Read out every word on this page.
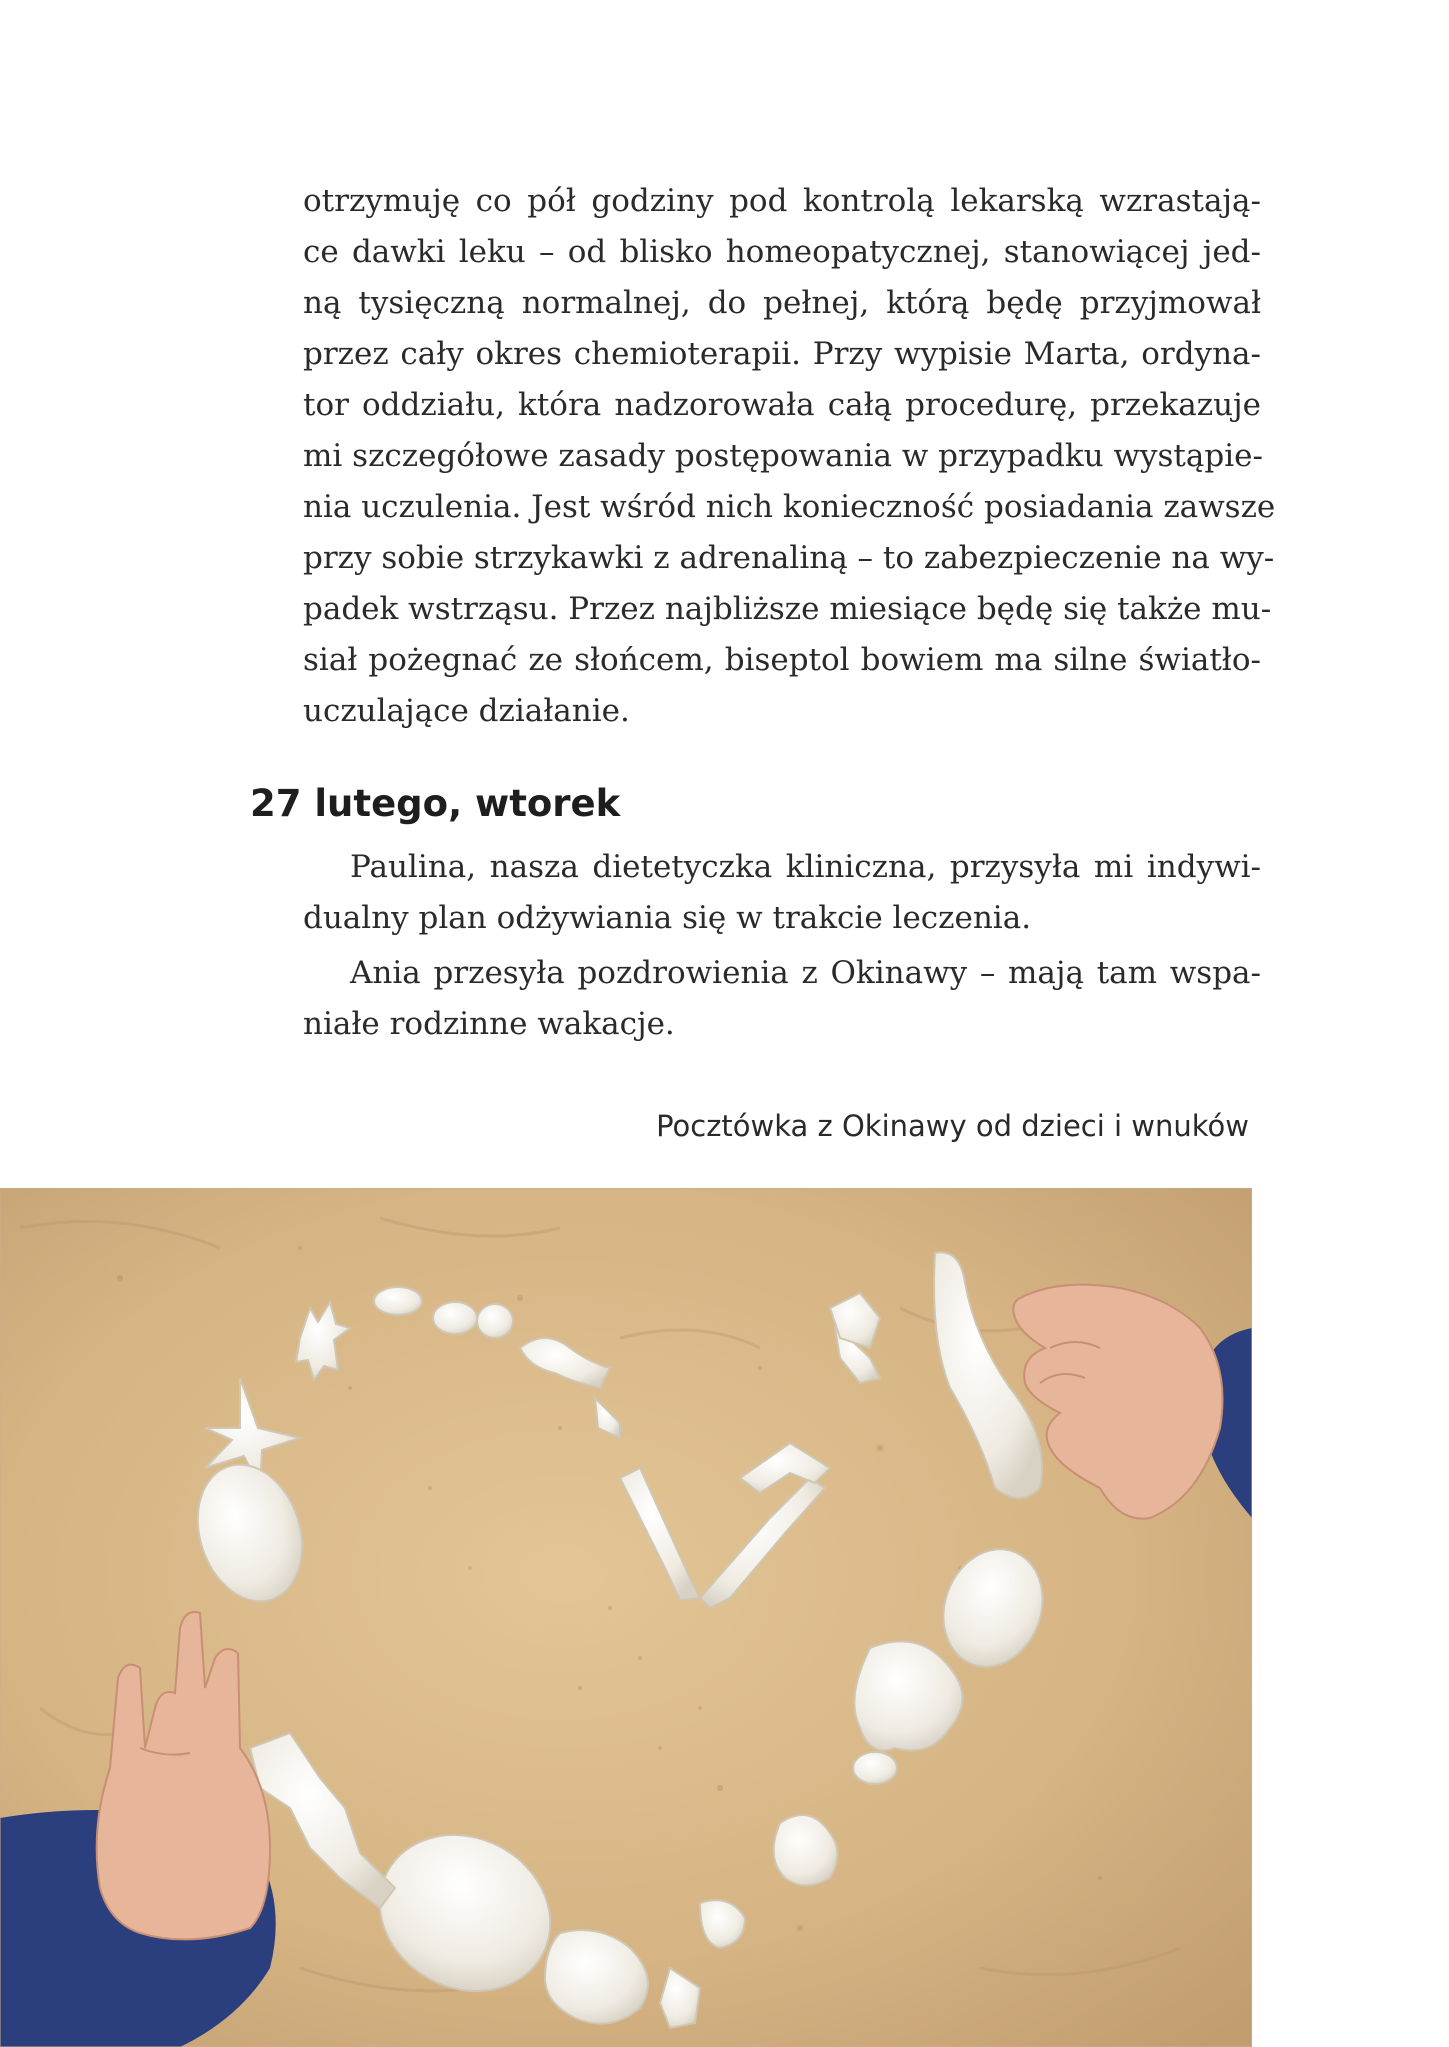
otrzymuję co pół godziny pod kontrolą lekarską wzrastają-
ce dawki leku – od blisko homeopatycznej, stanowiącej jed-
ną tysięczną normalnej, do pełnej, którą będę przyjmował
przez cały okres chemioterapii. Przy wypisie Marta, ordyna-
tor oddziału, która nadzorowała całą procedurę, przekazuje
mi szczegółowe zasady postępowania w przypadku wystąpie-
nia uczulenia. Jest wśród nich konieczność posiadania zawsze
przy sobie strzykawki z adrenaliną – to zabezpieczenie na wy-
padek wstrząsu. Przez najbliższe miesiące będę się także mu-
siał pożegnać ze słońcem, biseptol bowiem ma silne światło-
uczulające działanie.
27 lutego, wtorek
Paulina, nasza dietetyczka kliniczna, przysyła mi indywi-
dualny plan odżywiania się w trakcie leczenia.
Ania przesyła pozdrowienia z Okinawy – mają tam wspa-
niałe rodzinne wakacje.
Pocztówka z Okinawy od dzieci i wnuków
